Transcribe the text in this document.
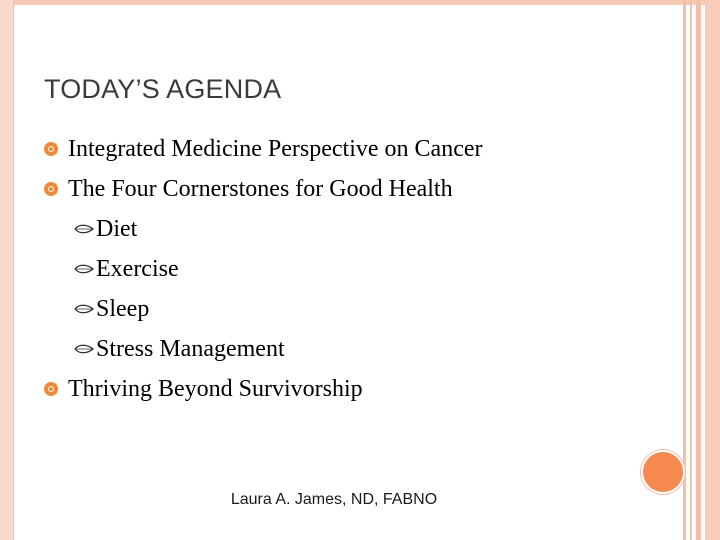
TODAY’S AGENDA
Integrated Medicine Perspective on Cancer
The Four Cornerstones for Good Health
Diet
Exercise
Sleep
Stress Management
Thriving Beyond Survivorship
Laura A. James, ND, FABNO
